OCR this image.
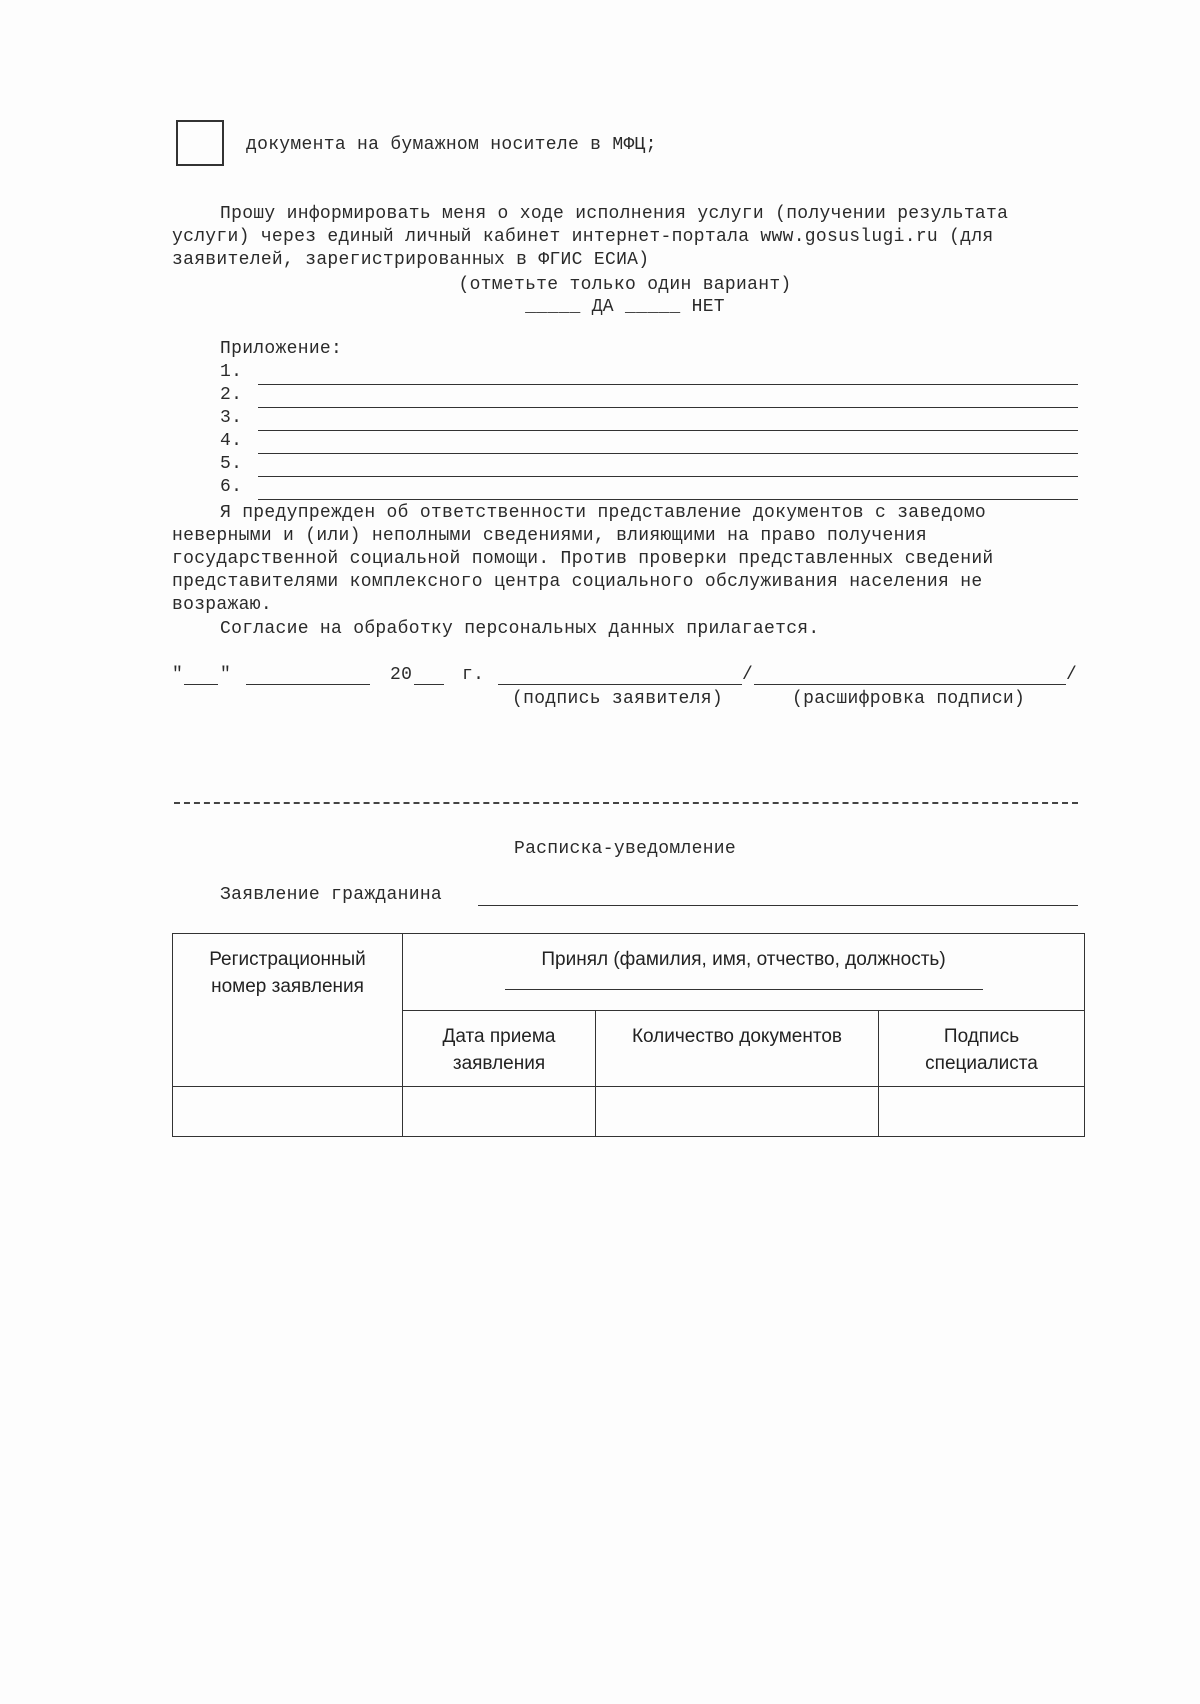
документа на бумажном носителе в МФЦ;
Прошу информировать меня о ходе исполнения услуги (получении результата
услуги) через единый личный кабинет интернет-портала www.gosuslugi.ru (для
заявителей, зарегистрированных в ФГИС ЕСИА)
(отметьте только один вариант)
_____ ДА _____ НЕТ
Приложение:
1.
2.
3.
4.
5.
6.
Я предупрежден об ответственности представление документов с заведомо
неверными и (или) неполными сведениями, влияющими на право получения
государственной социальной помощи. Против проверки представленных сведений
представителями комплексного центра социального обслуживания населения не
возражаю.
Согласие на обработку персональных данных прилагается.
" "	20	г.	/	/
(подпись заявителя)	(расшифровка подписи)
Расписка-уведомление
Заявление гражданина
Регистрационный номер заявления	Принял (фамилия, имя, отчество, должность)		

	Дата приема заявления	Количество документов	Подпись специалиста
